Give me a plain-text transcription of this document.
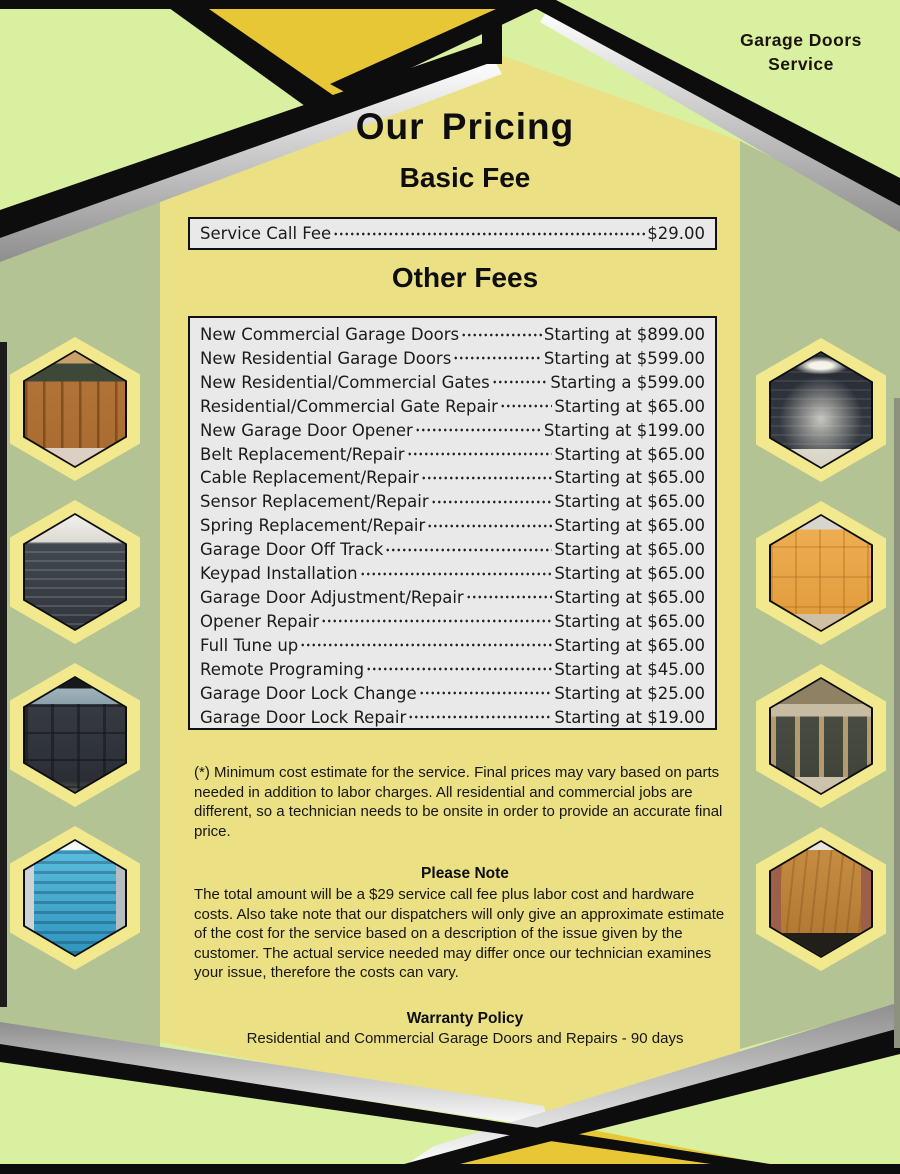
Garage Doors
Service
Our Pricing
Basic Fee
Service Call Fee	$29.00
Other Fees
New Commercial Garage Doors	Starting at $899.00
New Residential Garage Doors	Starting at $599.00
New Residential/Commercial Gates	Starting a $599.00
Residential/Commercial Gate Repair	Starting at $65.00
New Garage Door Opener	Starting at $199.00
Belt Replacement/Repair	Starting at $65.00
Cable Replacement/Repair	Starting at $65.00
Sensor Replacement/Repair	Starting at $65.00
Spring Replacement/Repair	Starting at $65.00
Garage Door Off Track	Starting at $65.00
Keypad Installation	Starting at $65.00
Garage Door Adjustment/Repair	Starting at $65.00
Opener Repair	Starting at $65.00
Full Tune up	Starting at $65.00
Remote Programing	Starting at $45.00
Garage Door Lock Change	Starting at $25.00
Garage Door Lock Repair	Starting at $19.00
(*) Minimum cost estimate for the service. Final prices may vary based on parts needed in addition to labor charges. All residential and commercial jobs are different, so a technician needs to be onsite in order to provide an accurate final price.
Please Note
The total amount will be a $29 service call fee plus labor cost and hardware costs. Also take note that our dispatchers will only give an approximate estimate of the cost for the service based on a description of the issue given by the customer. The actual service needed may differ once our technician examines your issue, therefore the costs can vary.
Warranty Policy
Residential and Commercial Garage Doors and Repairs - 90 days
